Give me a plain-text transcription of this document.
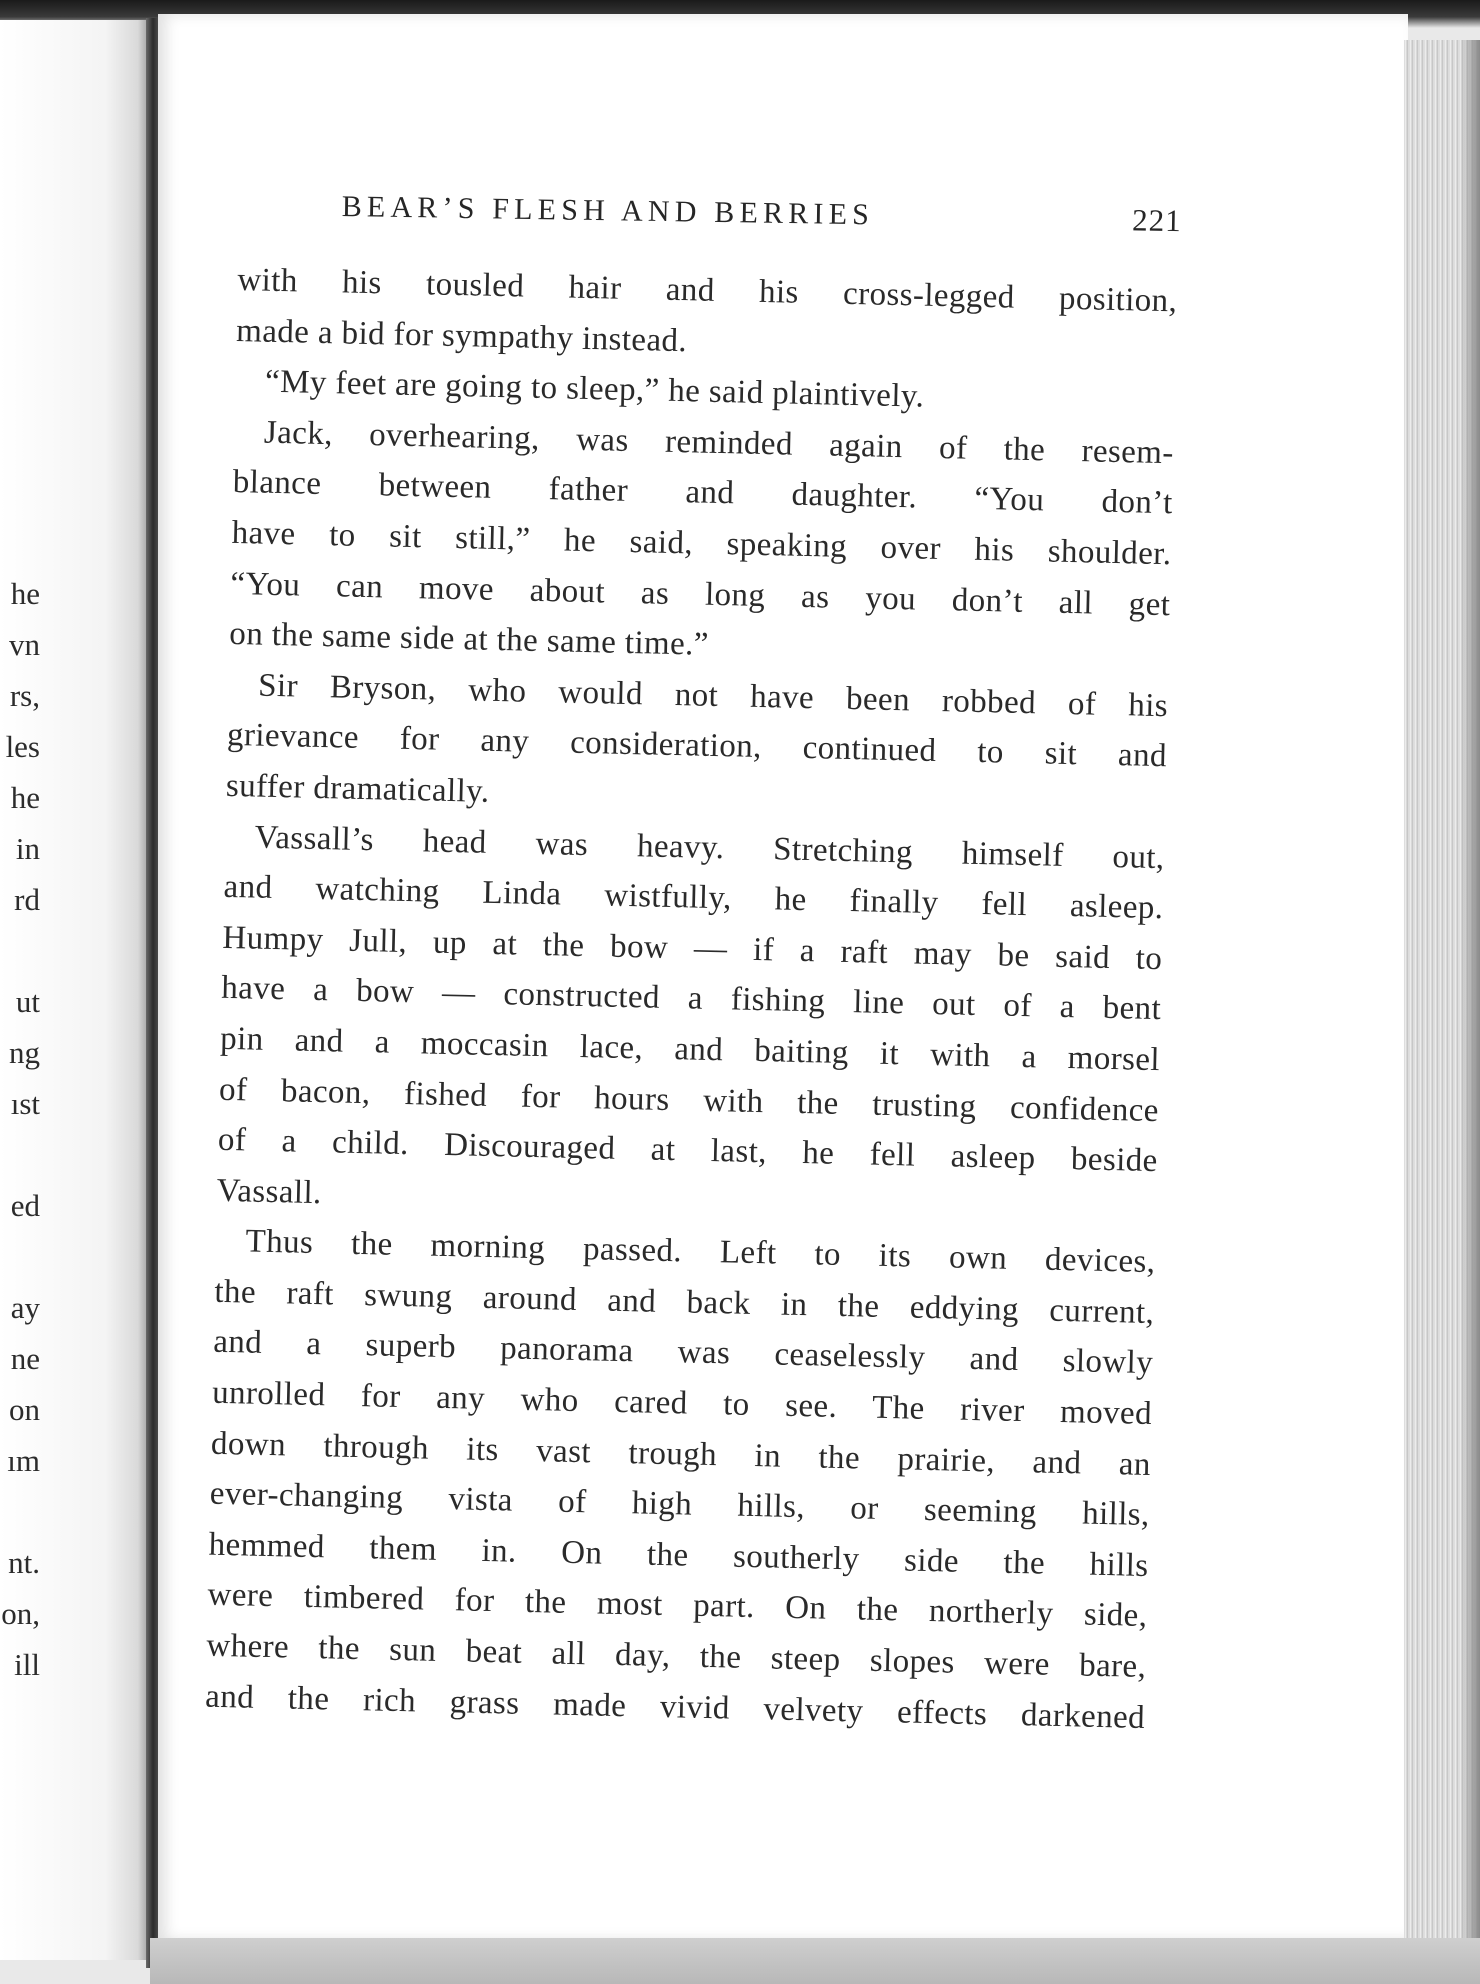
he
vn
rs,
les
he
in
rd
ut
ng
ıst
ed
ay
ne
on
ım
nt.
on,
ill
BEAR’S FLESH AND BERRIES	221
with his tousled hair and his cross-legged position,
made a bid for sympathy instead.
“My feet are going to sleep,” he said plaintively.
Jack, overhearing, was reminded again of the resem-
blance between father and daughter. “You don’t
have to sit still,” he said, speaking over his shoulder.
“You can move about as long as you don’t all get
on the same side at the same time.”
Sir Bryson, who would not have been robbed of his
grievance for any consideration, continued to sit and
suffer dramatically.
Vassall’s head was heavy. Stretching himself out,
and watching Linda wistfully, he finally fell asleep.
Humpy Jull, up at the bow — if a raft may be said to
have a bow — constructed a fishing line out of a bent
pin and a moccasin lace, and baiting it with a morsel
of bacon, fished for hours with the trusting confidence
of a child. Discouraged at last, he fell asleep beside
Vassall.
Thus the morning passed. Left to its own devices,
the raft swung around and back in the eddying current,
and a superb panorama was ceaselessly and slowly
unrolled for any who cared to see. The river moved
down through its vast trough in the prairie, and an
ever-changing vista of high hills, or seeming hills,
hemmed them in. On the southerly side the hills
were timbered for the most part. On the northerly side,
where the sun beat all day, the steep slopes were bare,
and the rich grass made vivid velvety effects darkened
